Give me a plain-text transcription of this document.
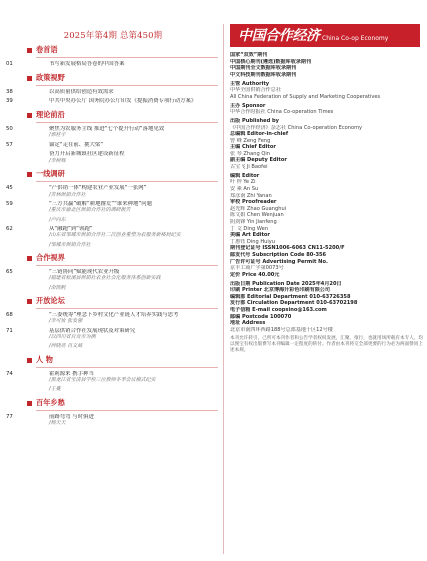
2025年第4期 总第450期
卷首语
01	书写新发展格局答卷的中国答案
政策视野
38	以高质量供给创造有效需求
39	中共中央办公厅 国务院办公厅印发《提振消费专项行动方案》
理论前沿
50	聚焦为农服务主线 推进“七个提升行动”落地见效
/郭桂宇
57	锚定“走在前、挑大梁”
奋力开启新城镇社区建设新征程
/李树辉
一线调研
45	“产供销一体”构建农业产业发展“一张网”
/吉林供销合作社
59	“三方共赢”破解“耕地撂荒”“谁来种地”问题
/重庆市渝北区供销合作社的调研报告
/卢向东
62	从“融跑”到“领跑”
/山东省邹城市供销合作社二次创业重塑为农服务新格局纪实
/邹城市供销合作社
合作视界
65	“三链协同”赋能现代农业升级
/福建省松溪县供销社农业社会化服务体系创新实践
/余凯帆
开放论坛
68	“三委统筹”理念下乡村文化产业链人才培养实践与思考
/李可妆 张发强
71	基层供销合作社发展现状及对策研究
/以四川省自贡市为例
/何晓亮 肖文斌
人 物
74	霍莉源来 携手种当
/黑龙江省宝清县学校三位教师冬季会议模式纪实
/王蔓
百年乡愁
77	前路弯弯 与时俱进
/杨天天
中国合作经济 China Co-op Economy
国家“双效”期刊
中国核心期刊(遴选)数据库收录期刊
中国期刊全文数据库收录期刊
中文科技期刊数据库收录期刊
主管 Authority
中华全国供销合作总社
All China Federation of Supply and Marketing Cooperatives
主办 Sponsor
中华合作时报社 China Co-operation Times
出版 Published by
《中国合作经济》杂志社 China Co-operation Economy
总编辑 Editor-in-chief
曾 峰 Zeng Feng
主编 Chief Editor
张 琴 Zhang Qin
副主编 Deputy Editor
古宝飞 Ji Baofei
编辑 Editor
叶 梓 Ye Zi
安 素 An Su
郑彦南 Zhi Yanan
审校 Proofreader
赵光辉 Zhao Guanghui
陈文娟 Chen Wenjuan
阴剑锋 Yin Jianfeng
丁 文 Ding Wen
美编 Art Editor
丁惠钰 Ding Huiyu
期刊登记证号 ISSN1006-6063 CN11-5200/F
邮发代号 Subscription Code 80-356
广告许可证号 Advertising Permit No.
京丰工商广字第0073号
定价 Price 40.00元
出版日期 Publication Date 2025年4月20日
印刷 Printer 北京博海升彩色印刷有限公司
编辑部 Editorial Department 010-63726358
发行部 Circulation Department 010-63702198
电子信箱 E-mail coopsino@163.com
邮编 Postcode 100070
地址 Address
北京市南四环西路188号总部基地十区12号楼
本刊允许转引，己所可本刊作者和公告学者权权发展，汇聚、推行，也就用场所载有本专人、均以图宝有权出版费写本刊编辑一定程度的转付。作者由本刊将交全部更要的行为必为两面赞同上述本规。
